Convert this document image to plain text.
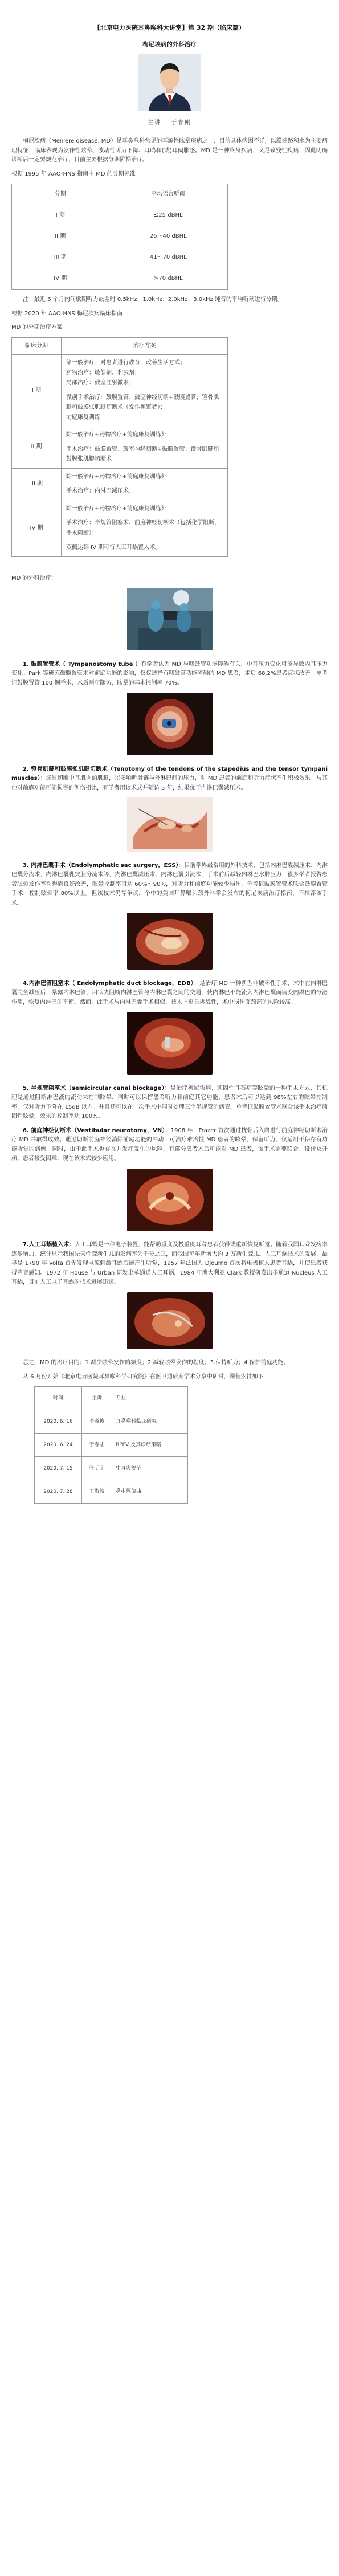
【北京电力医院耳鼻喉科大讲堂】第 32 期（临床篇）
梅尼埃病的外科治疗
主讲　 于春刚

梅尼埃病（Meniere disease, MD）是耳鼻喉科常见的耳源性眩晕疾病之一，目前具体病因不详，以膜迷路积水为主要病理特征，临床表现为发作性眩晕、波动性听力下降、耳鸣和(或)耳闷胀感。MD 是一种终身疾病，又是致残性疾病，因此明确诊断后一定要规范治疗，目前主要根据分期阶梯治疗。

根据 1995 年 AAO-HNS 指南中 MD 的分期标准

分期	平均语言听阈
I 期	≤25 dBHL
II 期	26～40 dBHL
III 期	41～70 dBHL
IV 期	>70 dBHL

注：最近 6 个月内间歇期听力最差时 0.5kHz、1.0kHz、2.0kHz、3.0kHz 纯音的平均听阈进行分期。

根据 2020 年 AAO-HNS 梅尼埃病临床指南

MD 的分期治疗方案

临床分期	治疗方案
I 期	第一般治疗：对患者进行教育，改善生活方式；
药物治疗：敏健剂、利尿剂；
局部治疗：鼓室注射激素；
微创手术治疗：鼓膜置管、鼓室神经切断+鼓膜置管；镫骨肌腱和鼓膜张肌腱切断术（发作频繁者）；
前庭康复训练

II 期	除一般治疗+药物治疗+前庭康复训练外
手术治疗：鼓膜置管、鼓室神经切断+鼓膜置管；镫骨肌腱和鼓膜张肌腱切断术

III 期	除一般治疗+药物治疗+前庭康复训练外
手术治疗：内淋巴减压术；

IV 期	除一般治疗+药物治疗+前庭康复训练外
手术治疗：半规管阻塞术、前庭神经切断术（包括化学阻断、手术阻断）；
双侧达到 IV 期可行人工耳蜗置入术。

MD 的外科治疗：

1. 鼓膜置管术（ Tympanostomy tube ）有学者认为 MD 与咽鼓管功能障碍有关，中耳压力变化可能导致内耳压力变化。Park 等研究鼓膜置管术对前庭功能的影响，仅仅选择有咽鼓管功能障碍的 MD 患者，术后 68.2%患者症状改善。单考证鼓膜置管 100 例手术，术后两年随访，眩晕的基本控制率 70%。

2. 镫骨肌腱和鼓膜张肌腱切断术（Tenotomy of the tendons of the stapedius and the tensor tympani muscles）：通过切断中耳肌肉的肌腱，以影响听骨链与外淋巴间的压力，对 MD 患者的前庭和听力症状产生积极效果。与其他对前庭功能可能损害的创伤相比，有学者用该术式并随访 5 年，结果优于内淋巴囊减压术。

3. 内淋巴囊手术（Endolymphatic sac surgery，ESS）：目前学界最常用的外科技术，包括内淋巴囊减压术、内淋巴囊分流术，内淋巴囊乳突腔分流术等，内淋巴囊减压术、内淋巴囊引流术，手术前后减轻内淋巴水肿压力，很多学者报告患者眩晕发作率均得到良好改善，眩晕控制率可达 60%～90%，对听力和前庭功能较少损伤，单考证鼓膜置管术联合鼓膜置管手术，控制眩晕率 80%以上。但该技术仍存争议，个中的美国耳鼻喉头颈外科学会发布的梅尼埃病治疗指南，不推荐该手术。

4.内淋巴管阻塞术（ Endolymphatic duct blockage，EDB）：是治疗 MD 一种新型非破坏性手术，术中在内淋巴囊完全减压后，暴露内淋巴管，用钛夹阻断内淋巴管与内淋巴囊之间的交通，使内淋巴不能流入内淋巴囊而病变内淋巴的分泌作用，恢复内淋巴的平衡。然而，此手术与内淋巴囊手术相似，技术上更具挑战性，术中损伤面颈部的风险较高。

5. 半规管阻塞术（semicircular canal blockage）：是治疗梅尼埃病、顽固性耳石症等眩晕的一种手术方式，其机理是通过阻断淋巴液的流动来控制眩晕，同时可以保留患者听力和前庭其它功能，患者术后可以达到 98%左右的眩晕控制率，仅对听力下降在 15dB 以内。并且还可以在一次手术中同时处理三个半规管的病变。单考证鼓膜置管术联合该手术治疗顽固性眩晕，效果的控制率达 100%。

6. 前庭神经切断术（Vestibular neurotomy，VN）：1908 年，Frazer 首次通过枕骨后入路进行前庭神经切断术治疗 MD 并取得成效。通过切断前庭神经消除前庭功能的冲动，可治疗难治性 MD 患者的眩晕，保留听力，仅适用于保存有功能听觉的病例。同时，由于此手术也存在并发症发生的风险，有部分患者术后可能对 MD 患者，该手术需要联合、设计及开颅，患者接受困难，现在该术式较少应用。

7.人工耳蜗植入术：人工耳蜗是一种电子装置，能帮助重度及极重度耳聋患者获得或重新恢复听觉。随着我国耳聋发病率逐步增加，统计显示我国先天性聋新生儿的发病率为千分之三，而我国每年新增大约 3 万新生聋儿。人工耳蜗技术的发展，最早是 1790 年 Volta 首先发现电流刺激耳蜗后能产生听觉，1957 年法国人 Djourno 首次将电极植入患者耳蜗，并使患者获得声音感知。1972 年 House 与 Urban 研发出单通道人工耳蜗，1984 年澳大利亚 Clark 教授研发出多通道 Nucleus 人工耳蜗，目前人工电子耳蜗的技术进展迅速。

总之，MD 的治疗目的：1.减少眩晕发作的频度；2.减轻眩晕发作的程度；3.保持听力；4.保护前庭功能。

从 6 月份开始《北京电力医院耳鼻喉科学研究院》在医卫通后期学术分享中研讨，课程安排如下

时间	主讲	专业
2020. 6. 16	李睿俊	耳鼻喉科临床研究
2020. 6. 24	于春刚	BPPV 及其诊疗策略
2020. 7. 15	张明宇	中耳炎规范
2020. 7. 28	王海波	鼻中隔偏曲
